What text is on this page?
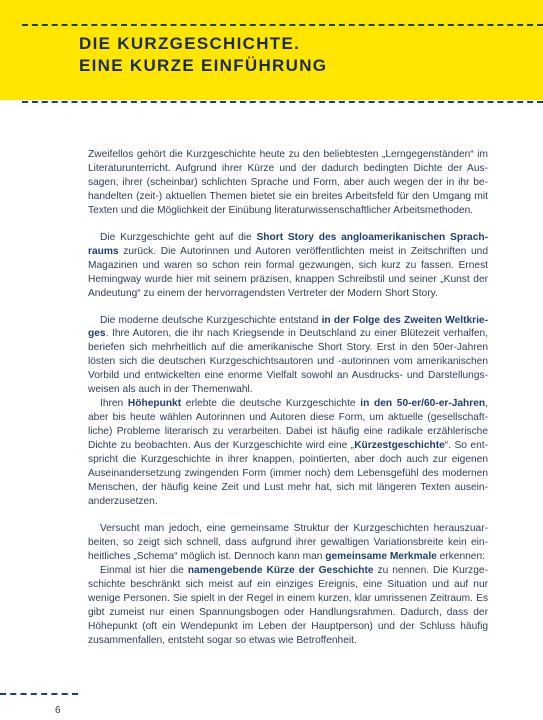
DIE KURZGESCHICHTE.
EINE KURZE EINFÜHRUNG

Zweifellos gehört die Kurzgeschichte heute zu den beliebtesten „Lerngegenständen“ im Literaturunterricht. Aufgrund ihrer Kürze und der dadurch bedingten Dichte der Aussagen, ihrer (scheinbar) schlichten Sprache und Form, aber auch wegen der in ihr behandelten (zeit-) aktuellen Themen bietet sie ein breites Arbeitsfeld für den Umgang mit Texten und die Möglichkeit der Einübung literaturwissenschaftlicher Arbeitsmethoden.

Die Kurzgeschichte geht auf die Short Story des angloamerikanischen Sprachraums zurück. Die Autorinnen und Autoren veröffentlichten meist in Zeitschriften und Magazinen und waren so schon rein formal gezwungen, sich kurz zu fassen. Ernest Hemingway wurde hier mit seinem präzisen, knappen Schreibstil und seiner „Kunst der Andeutung“ zu einem der hervorragendsten Vertreter der Modern Short Story.

Die moderne deutsche Kurzgeschichte entstand in der Folge des Zweiten Weltkrieges. Ihre Autoren, die ihr nach Kriegsende in Deutschland zu einer Blütezeit verhalfen, beriefen sich mehrheitlich auf die amerikanische Short Story. Erst in den 50er-Jahren lösten sich die deutschen Kurzgeschichtsautoren und -autorinnen vom amerikanischen Vorbild und entwickelten eine enorme Vielfalt sowohl an Ausdrucks- und Darstellungsweisen als auch in der Themenwahl.

Ihren Höhepunkt erlebte die deutsche Kurzgeschichte in den 50-er/60-er-Jahren, aber bis heute wählen Autorinnen und Autoren diese Form, um aktuelle (gesellschaftliche) Probleme literarisch zu verarbeiten. Dabei ist häufig eine radikale erzählerische Dichte zu beobachten. Aus der Kurzgeschichte wird eine „Kürzestgeschichte“. So entspricht die Kurzgeschichte in ihrer knappen, pointierten, aber doch auch zur eigenen Auseinandersetzung zwingenden Form (immer noch) dem Lebensgefühl des modernen Menschen, der häufig keine Zeit und Lust mehr hat, sich mit längeren Texten auseinanderzusetzen.

Versucht man jedoch, eine gemeinsame Struktur der Kurzgeschichten herauszuarbeiten, so zeigt sich schnell, dass aufgrund ihrer gewaltigen Variationsbreite kein einheitliches „Schema“ möglich ist. Dennoch kann man gemeinsame Merkmale erkennen:

Einmal ist hier die namengebende Kürze der Geschichte zu nennen. Die Kurzgeschichte beschränkt sich meist auf ein einziges Ereignis, eine Situation und auf nur wenige Personen. Sie spielt in der Regel in einem kurzen, klar umrissenen Zeitraum. Es gibt zumeist nur einen Spannungsbogen oder Handlungsrahmen. Dadurch, dass der Höhepunkt (oft ein Wendepunkt im Leben der Hauptperson) und der Schluss häufig zusammenfallen, entsteht sogar so etwas wie Betroffenheit.

6
